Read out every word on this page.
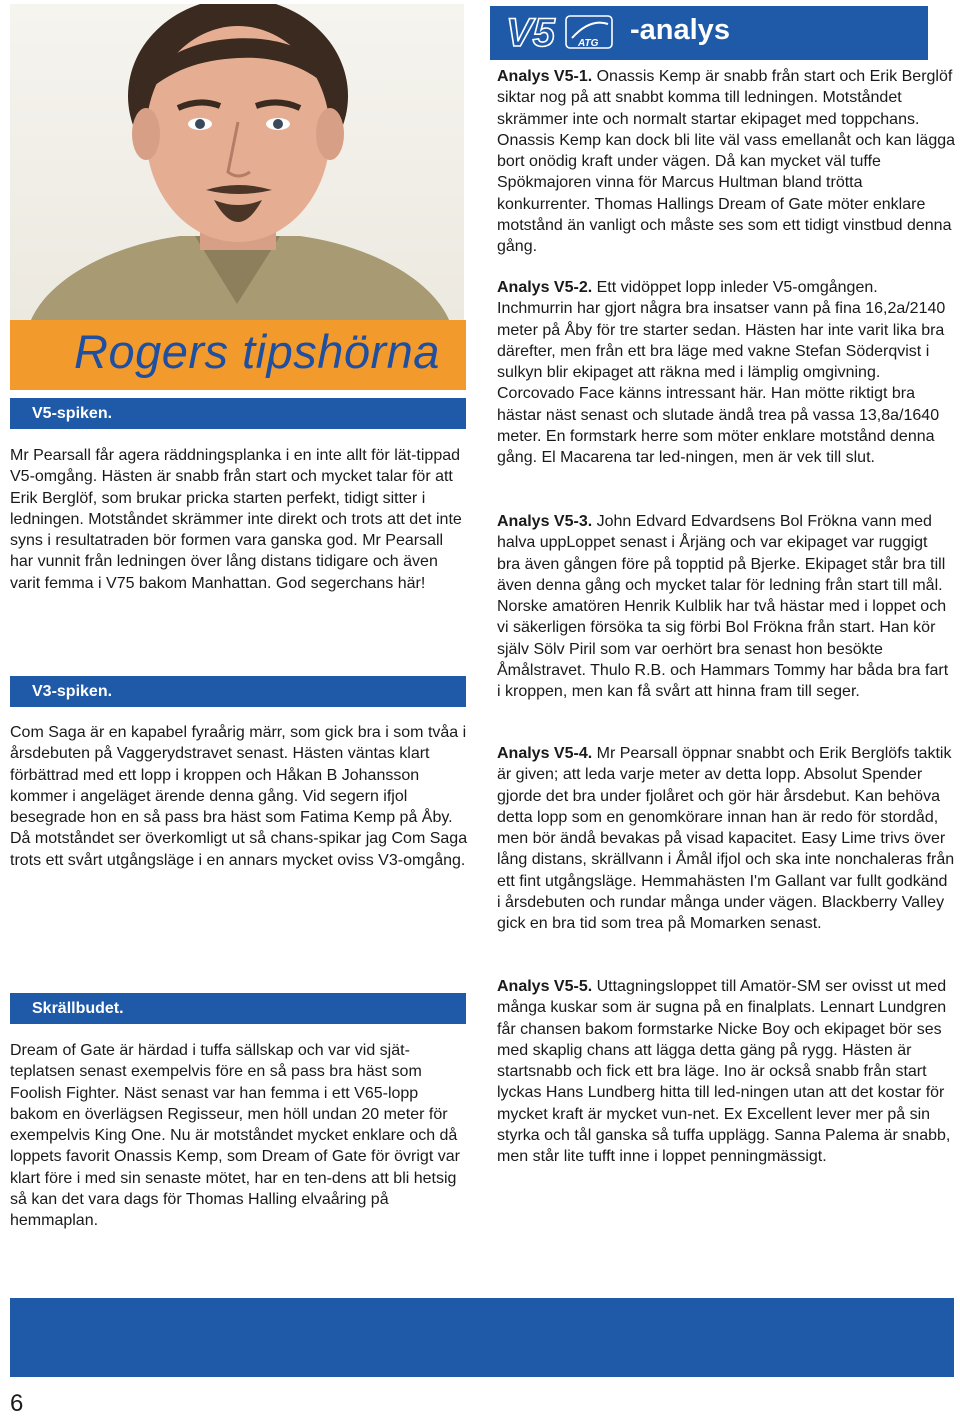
Rogers tipshörna
V5-spiken.

Mr Pearsall får agera räddningsplanka i en inte allt för lät-tippad V5-omgång. Hästen är snabb från start och mycket talar för att Erik Berglöf, som brukar pricka starten perfekt, tidigt sitter i ledningen. Motståndet skrämmer inte direkt och trots att det inte syns i resultatraden bör formen vara ganska god. Mr Pearsall har vunnit från ledningen över lång distans tidigare och även varit femma i V75 bakom Manhattan. God segerchans här!

V3-spiken.

Com Saga är en kapabel fyraårig märr, som gick bra i som tvåa i årsdebuten på Vaggerydstravet senast. Hästen väntas klart förbättrad med ett lopp i kroppen och Håkan B Johansson kommer i angeläget ärende denna gång. Vid segern ifjol besegrade hon en så pass bra häst som Fatima Kemp på Åby. Då motståndet ser överkomligt ut så chans-spikar jag Com Saga trots ett svårt utgångsläge i en annars mycket oviss V3-omgång.

Skrällbudet.

Dream of Gate är härdad i tuffa sällskap och var vid sjät-teplatsen senast exempelvis före en så pass bra häst som Foolish Fighter. Näst senast var han femma i ett V65-lopp bakom en överlägsen Regisseur, men höll undan 20 meter för exempelvis King One. Nu är motståndet mycket enklare och då loppets favorit Onassis Kemp, som Dream of Gate för övrigt var klart före i med sin senaste mötet, har en ten-dens att bli hetsig så kan det vara dags för Thomas Halling elvaåring på hemmaplan.

V5 ATG -analys

Analys V5-1. Onassis Kemp är snabb från start och Erik Berglöf siktar nog på att snabbt komma till ledningen. Motståndet skrämmer inte och normalt startar ekipaget med toppchans. Onassis Kemp kan dock bli lite väl vass emellanåt och kan lägga bort onödig kraft under vägen. Då kan mycket väl tuffe Spökmajoren vinna för Marcus Hultman bland trötta konkurrenter. Thomas Hallings Dream of Gate möter enklare motstånd än vanligt och måste ses som ett tidigt vinstbud denna gång.

Analys V5-2. Ett vidöppet lopp inleder V5-omgången. Inchmurrin har gjort några bra insatser vann på fina 16,2a/2140 meter på Åby för tre starter sedan. Hästen har inte varit lika bra därefter, men från ett bra läge med vakne Stefan Söderqvist i sulkyn blir ekipaget att räkna med i lämplig omgivning. Corcovado Face känns intressant här. Han mötte riktigt bra hästar näst senast och slutade ändå trea på vassa 13,8a/1640 meter. En formstark herre som möter enklare motstånd denna gång. El Macarena tar led-ningen, men är vek till slut.

Analys V5-3. John Edvard Edvardsens Bol Frökna vann med halva uppLoppet senast i Årjäng och var ekipaget var ruggigt bra även gången före på topptid på Bjerke. Ekipaget står bra till även denna gång och mycket talar för ledning från start till mål. Norske amatören Henrik Kulblik har två hästar med i loppet och vi säkerligen försöka ta sig förbi Bol Frökna från start. Han kör själv Sölv Piril som var oerhört bra senast hon besökte Åmålstravet. Thulo R.B. och Hammars Tommy har båda bra fart i kroppen, men kan få svårt att hinna fram till seger.

Analys V5-4. Mr Pearsall öppnar snabbt och Erik Berglöfs taktik är given; att leda varje meter av detta lopp. Absolut Spender gjorde det bra under fjolåret och gör här årsdebut. Kan behöva detta lopp som en genomkörare innan han är redo för stordåd, men bör ändå bevakas på visad kapacitet. Easy Lime trivs över lång distans, skrällvann i Åmål ifjol och ska inte nonchaleras från ett fint utgångsläge. Hemmahästen I'm Gallant var fullt godkänd i årsdebuten och rundar många under vägen. Blackberry Valley gick en bra tid som trea på Momarken senast.

Analys V5-5. Uttagningsloppet till Amatör-SM ser ovisst ut med många kuskar som är sugna på en finalplats. Lennart Lundgren får chansen bakom formstarke Nicke Boy och ekipaget bör ses med skaplig chans att lägga detta gäng på rygg. Hästen är startsnabb och fick ett bra läge. Ino är också snabb från start lyckas Hans Lundberg hitta till led-ningen utan att det kostar för mycket kraft är mycket vun-net. Ex Excellent lever mer på sin styrka och tål ganska så tuffa upplägg. Sanna Palema är snabb, men står lite tufft inne i loppet penningmässigt.

6
